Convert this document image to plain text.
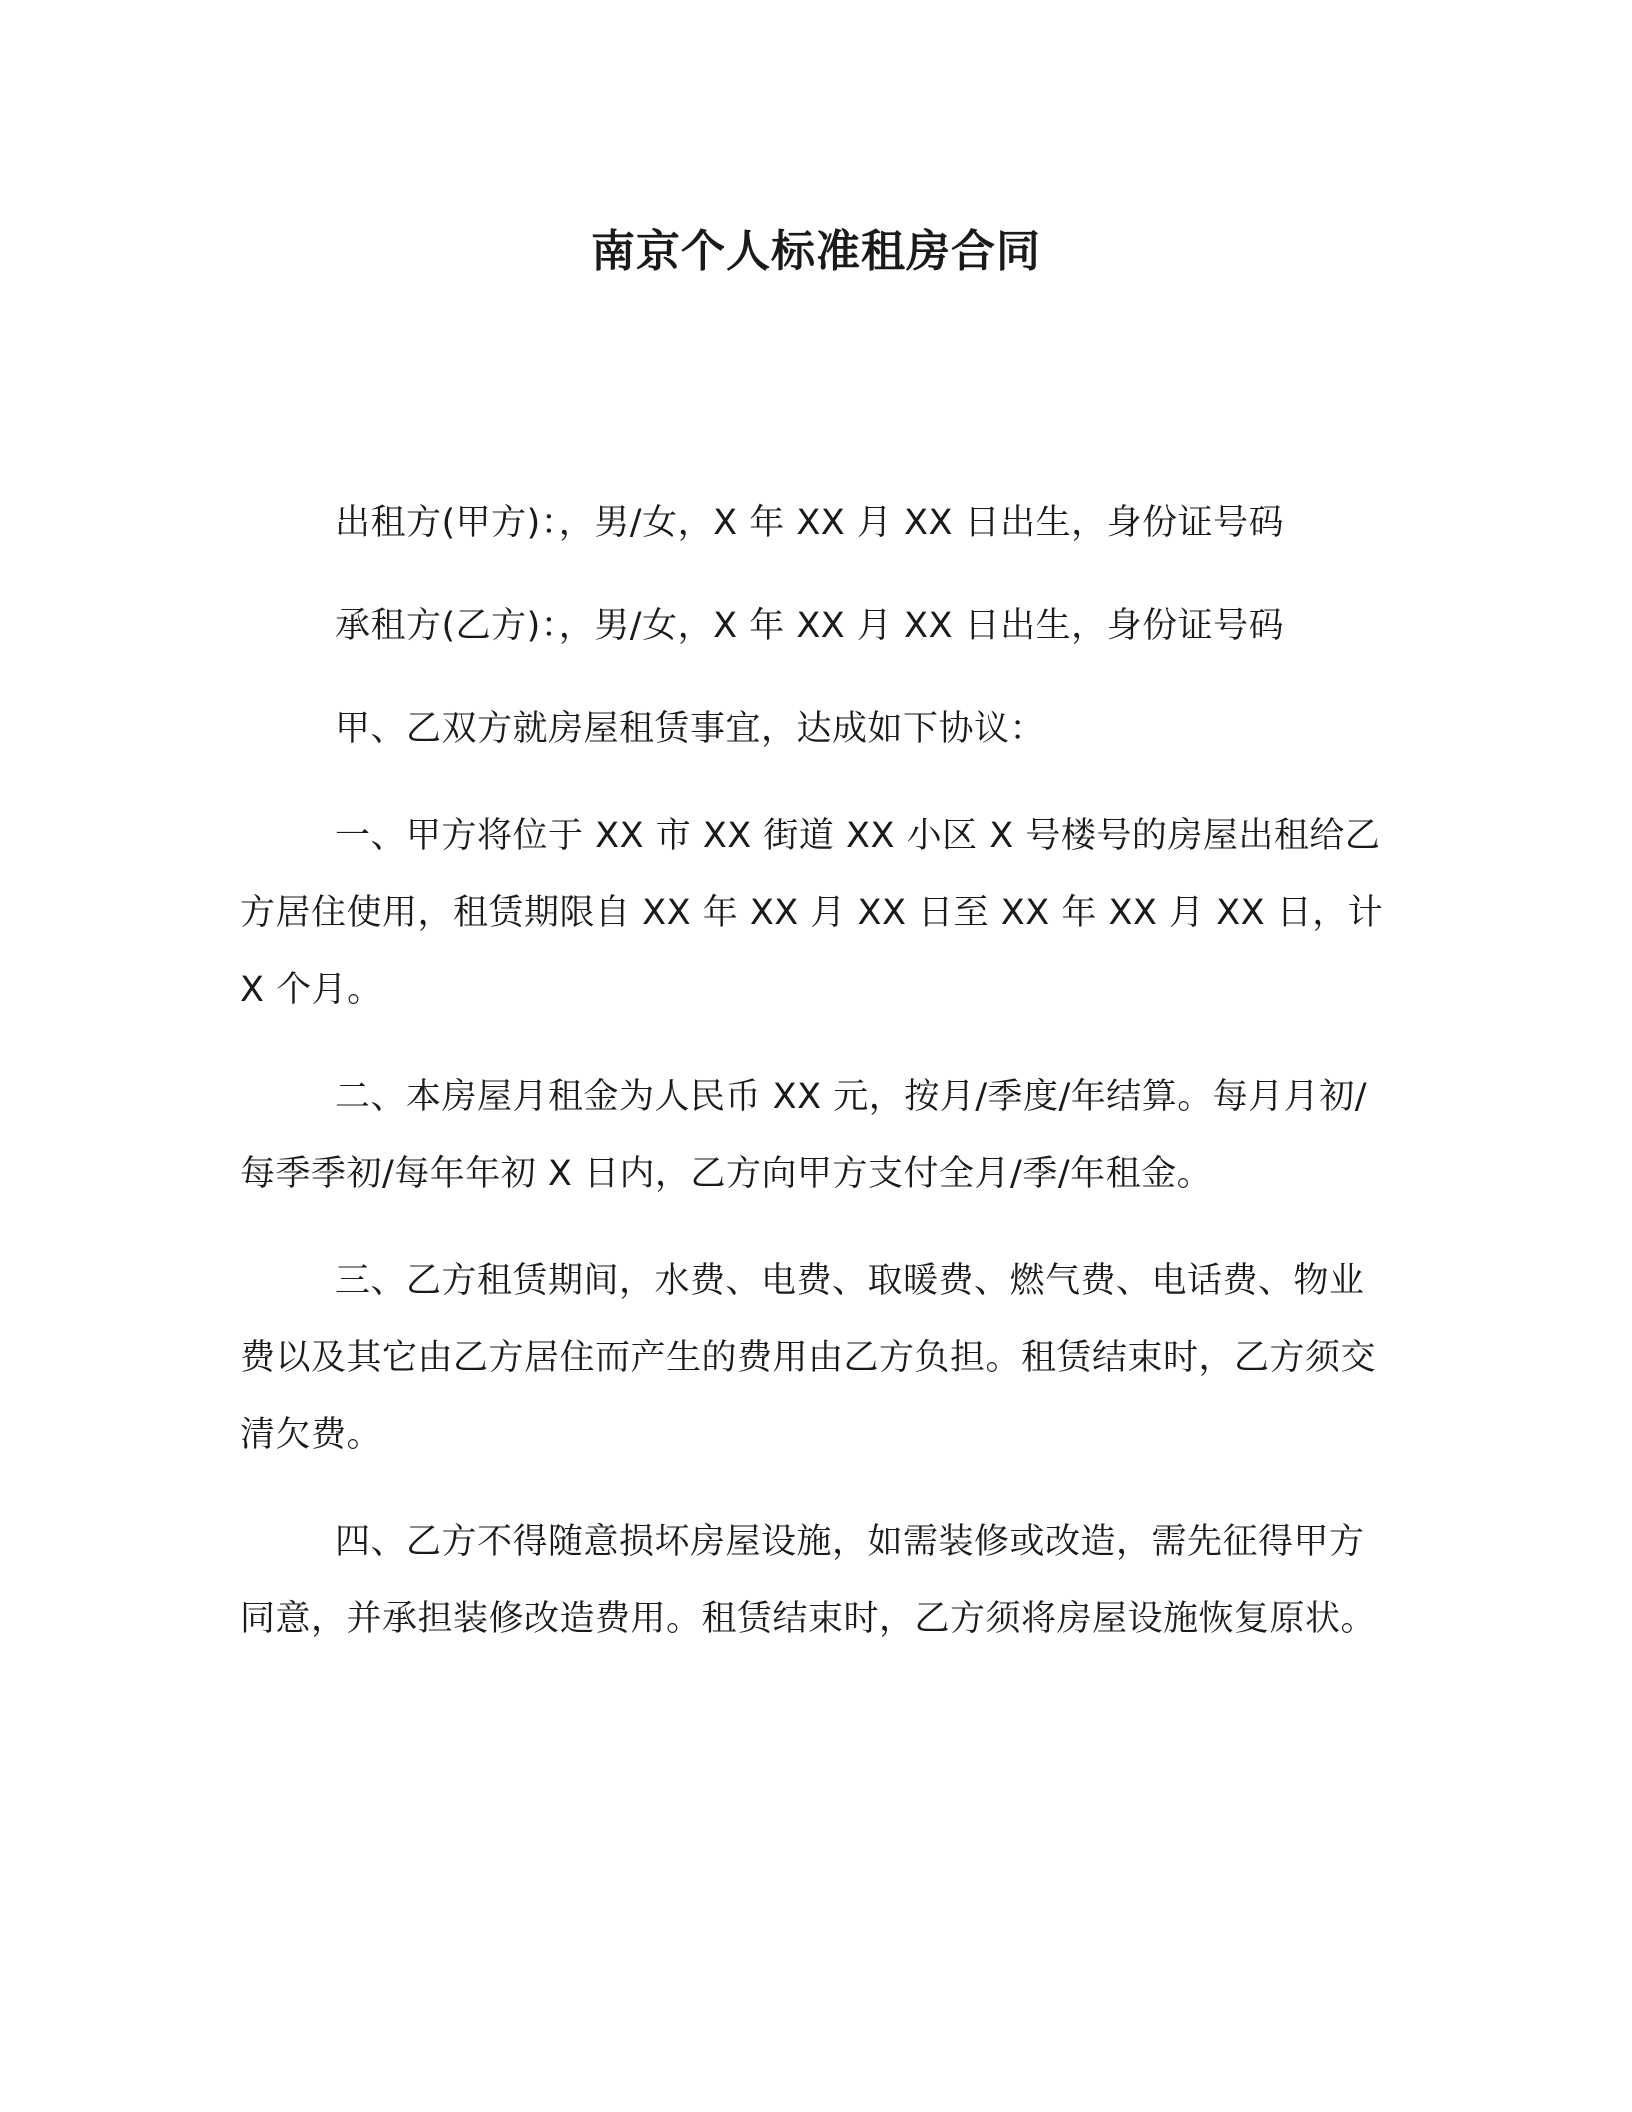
南京个人标准租房合同

出租方(甲方)：，男/女，X 年 XX 月 XX 日出生，身份证号码

承租方(乙方)：，男/女，X 年 XX 月 XX 日出生，身份证号码

甲、乙双方就房屋租赁事宜，达成如下协议：

一、甲方将位于 XX 市 XX 街道 XX 小区 X 号楼号的房屋出租给乙方居住使用，租赁期限自 XX 年 XX 月 XX 日至 XX 年 XX 月 XX 日，计 X 个月。

二、本房屋月租金为人民币 XX 元，按月/季度/年结算。每月月初/每季季初/每年年初 X 日内，乙方向甲方支付全月/季/年租金。

三、乙方租赁期间，水费、电费、取暖费、燃气费、电话费、物业费以及其它由乙方居住而产生的费用由乙方负担。租赁结束时，乙方须交清欠费。

四、乙方不得随意损坏房屋设施，如需装修或改造，需先征得甲方同意，并承担装修改造费用。租赁结束时，乙方须将房屋设施恢复原状。
